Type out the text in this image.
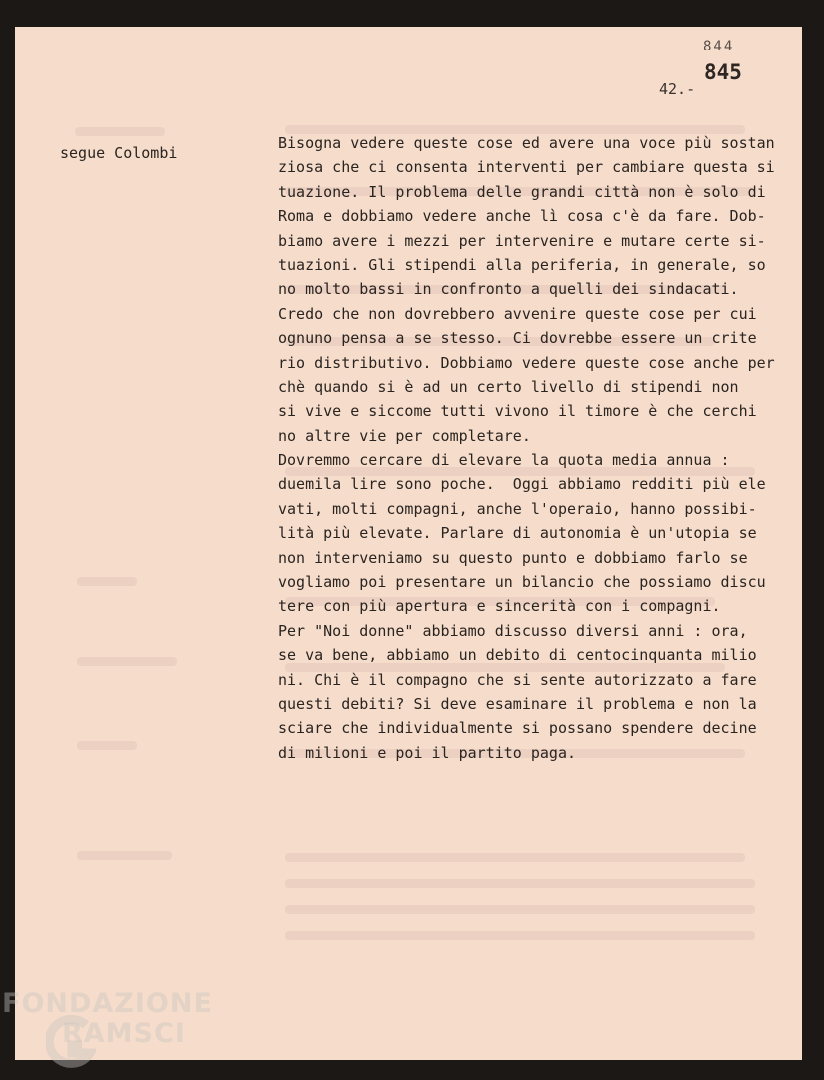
844
845
42.-
segue Colombi
Bisogna vedere queste cose ed avere una voce più sostan
ziosa che ci consenta interventi per cambiare questa si
tuazione. Il problema delle grandi città non è solo di
Roma e dobbiamo vedere anche lì cosa c'è da fare. Dob-
biamo avere i mezzi per intervenire e mutare certe si-
tuazioni. Gli stipendi alla periferia, in generale, so
no molto bassi in confronto a quelli dei sindacati.
Credo che non dovrebbero avvenire queste cose per cui
ognuno pensa a se stesso. Ci dovrebbe essere un crite
rio distributivo. Dobbiamo vedere queste cose anche per
chè quando si è ad un certo livello di stipendi non
si vive e siccome tutti vivono il timore è che cerchi
no altre vie per completare.
Dovremmo cercare di elevare la quota media annua :
duemila lire sono poche.  Oggi abbiamo redditi più ele
vati, molti compagni, anche l'operaio, hanno possibi-
lità più elevate. Parlare di autonomia è un'utopia se
non interveniamo su questo punto e dobbiamo farlo se
vogliamo poi presentare un bilancio che possiamo discu
tere con più apertura e sincerità con i compagni.
Per "Noi donne" abbiamo discusso diversi anni : ora,
se va bene, abbiamo un debito di centocinquanta milio
ni. Chi è il compagno che si sente autorizzato a fare
questi debiti? Si deve esaminare il problema e non la
sciare che individualmente si possano spendere decine
di milioni e poi il partito paga.
FONDAZIONE
RAMSCI
